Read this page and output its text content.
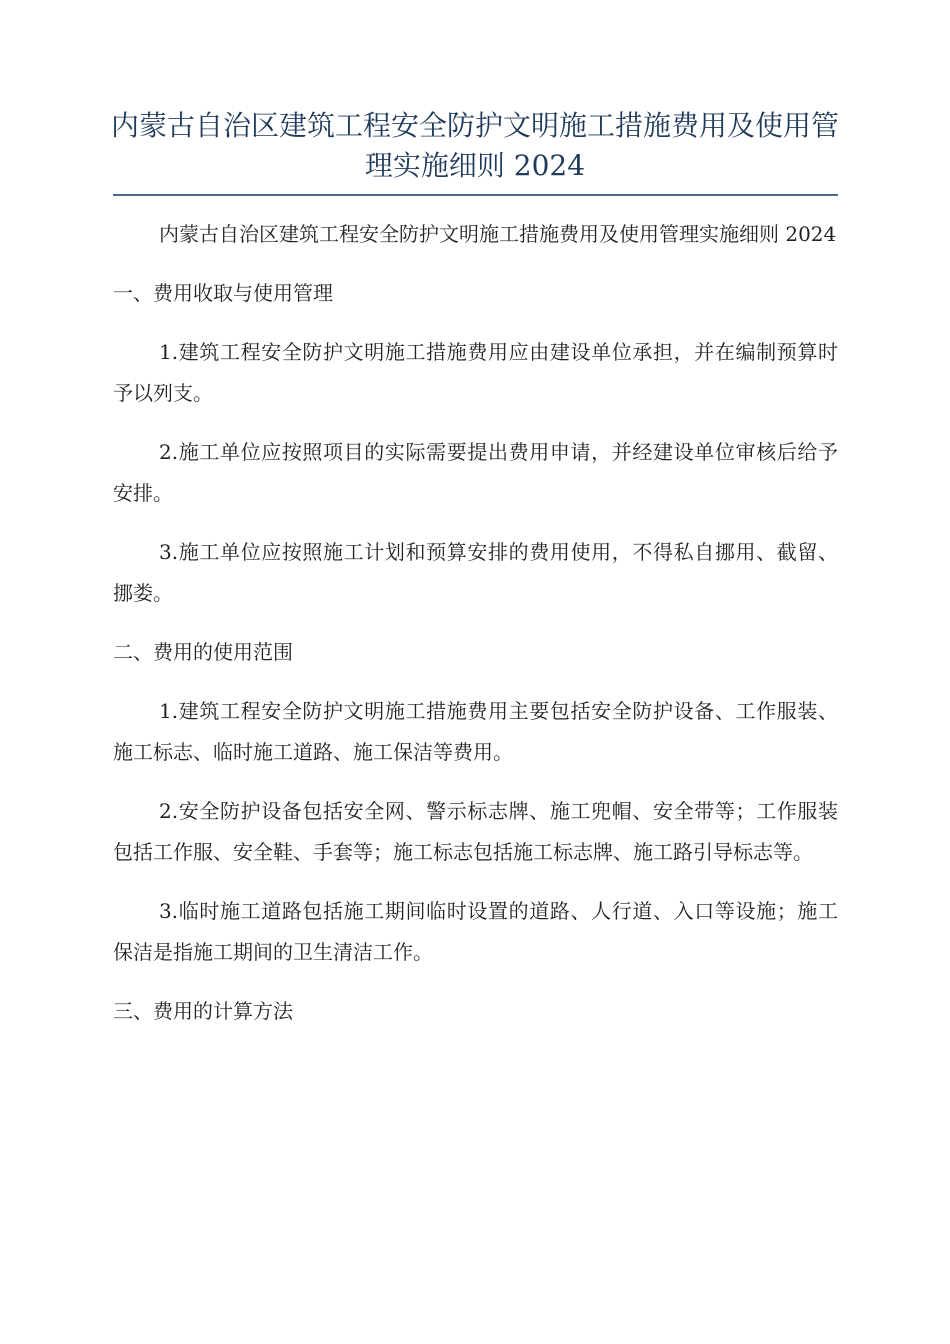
内蒙古自治区建筑工程安全防护文明施工措施费用及使用管理实施细则 2024

内蒙古自治区建筑工程安全防护文明施工措施费用及使用管理实施细则 2024

一、费用收取与使用管理

1.建筑工程安全防护文明施工措施费用应由建设单位承担，并在编制预算时予以列支。

2.施工单位应按照项目的实际需要提出费用申请，并经建设单位审核后给予安排。

3.施工单位应按照施工计划和预算安排的费用使用，不得私自挪用、截留、挪娄。

二、费用的使用范围

1.建筑工程安全防护文明施工措施费用主要包括安全防护设备、工作服装、施工标志、临时施工道路、施工保洁等费用。

2.安全防护设备包括安全网、警示标志牌、施工兜帽、安全带等；工作服装包括工作服、安全鞋、手套等；施工标志包括施工标志牌、施工路引导标志等。

3.临时施工道路包括施工期间临时设置的道路、人行道、入口等设施；施工保洁是指施工期间的卫生清洁工作。

三、费用的计算方法
